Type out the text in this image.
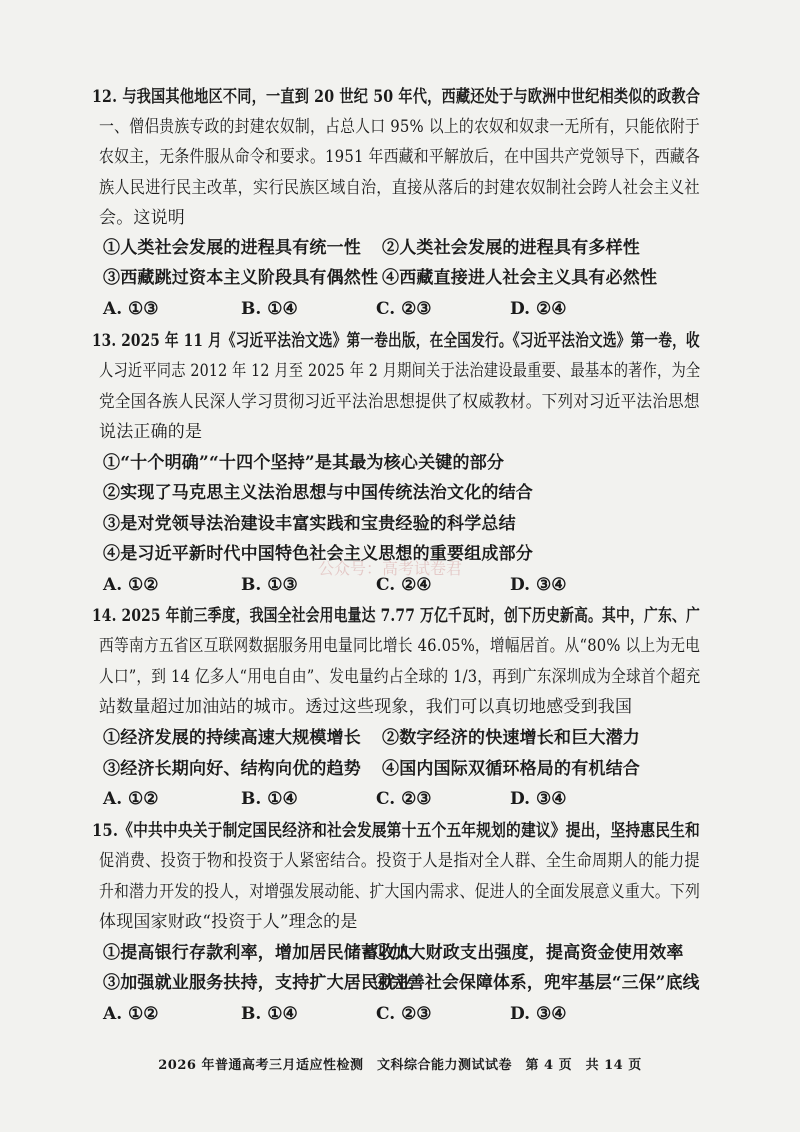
12. 与我国其他地区不同，一直到 20 世纪 50 年代，西藏还处于与欧洲中世纪相类似的政教合
一、僧侣贵族专政的封建农奴制，占总人口 95% 以上的农奴和奴隶一无所有，只能依附于
农奴主，无条件服从命令和要求。1951 年西藏和平解放后，在中国共产党领导下，西藏各
族人民进行民主改革，实行民族区域自治，直接从落后的封建农奴制社会跨人社会主义社
会。这说明
①人类社会发展的进程具有统一性 ②人类社会发展的进程具有多样性
③西藏跳过资本主义阶段具有偶然性 ④西藏直接进人社会主义具有必然性
A. ①③	B. ①④	C. ②③	D. ②④
13. 2025 年 11 月《习近平法治文选》第一卷出版，在全国发行。《习近平法治文选》第一卷，收
人习近平同志 2012 年 12 月至 2025 年 2 月期间关于法治建设最重要、最基本的著作，为全
党全国各族人民深人学习贯彻习近平法治思想提供了权威教材。下列对习近平法治思想
说法正确的是
①“十个明确”“十四个坚持”是其最为核心关键的部分
②实现了马克思主义法治思想与中国传统法治文化的结合
③是对党领导法治建设丰富实践和宝贵经验的科学总结
④是习近平新时代中国特色社会主义思想的重要组成部分
A. ①②	B. ①③	C. ②④	D. ③④
公众号：高考试卷君
14. 2025 年前三季度，我国全社会用电量达 7.77 万亿千瓦时，创下历史新高。其中，广东、广
西等南方五省区互联网数据服务用电量同比增长 46.05%，增幅居首。从“80% 以上为无电
人口”，到 14 亿多人“用电自由”、发电量约占全球的 1/3，再到广东深圳成为全球首个超充
站数量超过加油站的城市。透过这些现象，我们可以真切地感受到我国
①经济发展的持续高速大规模增长 ②数字经济的快速增长和巨大潜力
③经济长期向好、结构向优的趋势 ④国内国际双循环格局的有机结合
A. ①②	B. ①④	C. ②③	D. ③④
15.《中共中央关于制定国民经济和社会发展第十五个五年规划的建议》提出，坚持惠民生和
促消费、投资于物和投资于人紧密结合。投资于人是指对全人群、全生命周期人的能力提
升和潜力开发的投人，对增强发展动能、扩大国内需求、促进人的全面发展意义重大。下列
体现国家财政“投资于人”理念的是
①提高银行存款利率，增加居民储蓄收人
②加大财政支出强度，提高资金使用效率
③加强就业服务扶持，支持扩大居民就业
④完善社会保障体系，兜牢基层“三保”底线
A. ①②	B. ①④	C. ②③	D. ③④
2026 年普通高考三月适应性检测　文科综合能力测试试卷　第 4 页　共 14 页
